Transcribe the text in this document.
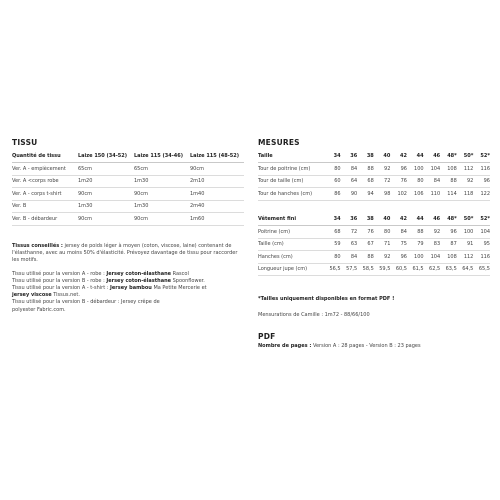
TISSU
Quantité de tissu	Laize 150 (34-52)	Laize 115 (34-46)	Laize 115 (48-52)
Ver. A - empiècement	65cm	65cm	90cm
Ver. A <corps robe	1m20	1m30	2m10
Ver. A - corps t-shirt	90cm	90cm	1m40
Ver. B	1m30	1m30	2m40
Ver. B - débardeur	90cm	90cm	1m60

Tissus conseillés : jersey de poids léger à moyen (coton, viscose, laine) contenant de l'élasthanne, avec au moins 50% d'élasticité. Prévoyez davantage de tissu pour raccorder les motifs.

Tissu utilisé pour la version A - robe : Jersey coton-élasthane Rascol

Tissu utilisé pour la version B - robe : Jersey coton-élasthane Spoonflower.

Tissu utilisé pour la version A - t-shirt : Jersey bambou Ma Petite Mercerie et

jersey viscose Tissus.net.

Tissu utilisé pour la version B - débardeur : Jersey crêpe de

polyester Fabric.com.

MESURES
Taille	34	36	38	40	42	44	46	48*	50*	52*
Tour de poitrine (cm)	80	84	88	92	96	100	104	108	112	116
Tour de taille (cm)	60	64	68	72	76	80	84	88	92	96
Tour de hanches (cm)	86	90	94	98	102	106	110	114	118	122
Vêtement fini	34	36	38	40	42	44	46	48*	50*	52*
Poitrine (cm)	68	72	76	80	84	88	92	96	100	104
Taille (cm)	59	63	67	71	75	79	83	87	91	95
Hanches (cm)	80	84	88	92	96	100	104	108	112	116
Longueur jupe (cm)	56,5	57,5	58,5	59,5	60,5	61,5	62,5	63,5	64,5	65,5

*Tailles uniquement disponibles en format PDF !

Mensurations de Camille : 1m72 - 88/66/100

PDF

Nombre de pages : Version A : 28 pages - Version B : 23 pages
